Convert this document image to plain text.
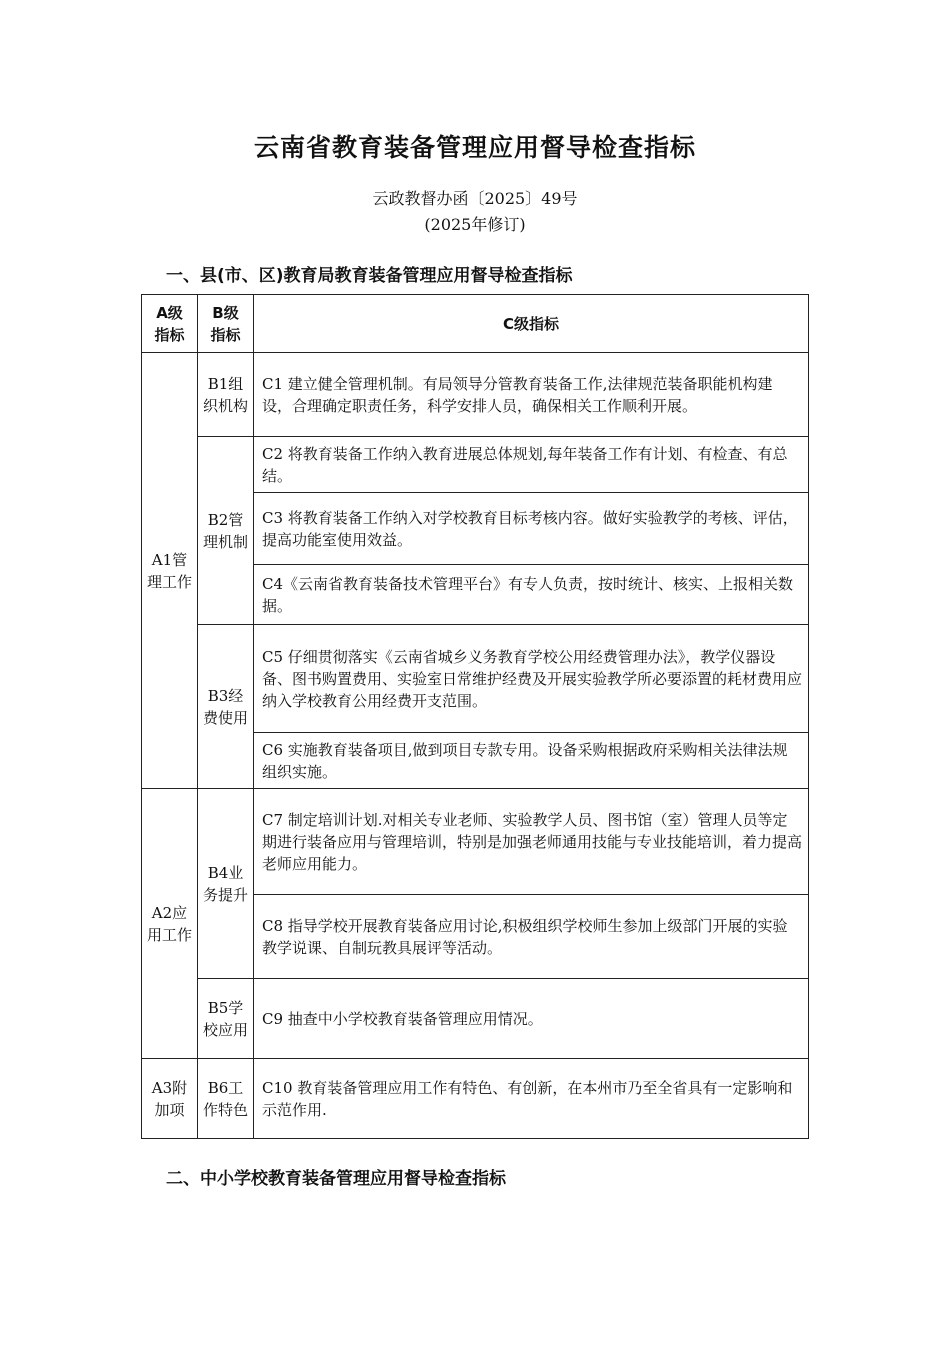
云南省教育装备管理应用督导检查指标
云政教督办函〔2025〕49号
(2025年修订)
一、县(市、区)教育局教育装备管理应用督导检查指标
A级指标	B级指标	C级指标

A1管理工作	B1组织机构	C1 建立健全管理机制。有局领导分管教育装备工作,法律规范装备职能机构建设，合理确定职责任务，科学安排人员，确保相关工作顺利开展。

	B2管理机制	C2 将教育装备工作纳入教育进展总体规划,每年装备工作有计划、有检查、有总结。
		C3 将教育装备工作纳入对学校教育目标考核内容。做好实验教学的考核、评估，提高功能室使用效益。
		C4《云南省教育装备技术管理平台》有专人负责，按时统计、核实、上报相关数据。

	B3经费使用	C5 仔细贯彻落实《云南省城乡义务教育学校公用经费管理办法》，教学仪器设备、图书购置费用、实验室日常维护经费及开展实验教学所必要添置的耗材费用应纳入学校教育公用经费开支范围。
		C6 实施教育装备项目,做到项目专款专用。设备采购根据政府采购相关法律法规组织实施。

A2应用工作	B4业务提升	C7 制定培训计划.对相关专业老师、实验教学人员、图书馆（室）管理人员等定期进行装备应用与管理培训，特别是加强老师通用技能与专业技能培训，着力提高老师应用能力。
		C8 指导学校开展教育装备应用讨论,积极组织学校师生参加上级部门开展的实验教学说课、自制玩教具展评等活动。

	B5学校应用	C9 抽查中小学校教育装备管理应用情况。

A3附加项	B6工作特色	C10 教育装备管理应用工作有特色、有创新，在本州市乃至全省具有一定影响和示范作用.
二、中小学校教育装备管理应用督导检查指标
